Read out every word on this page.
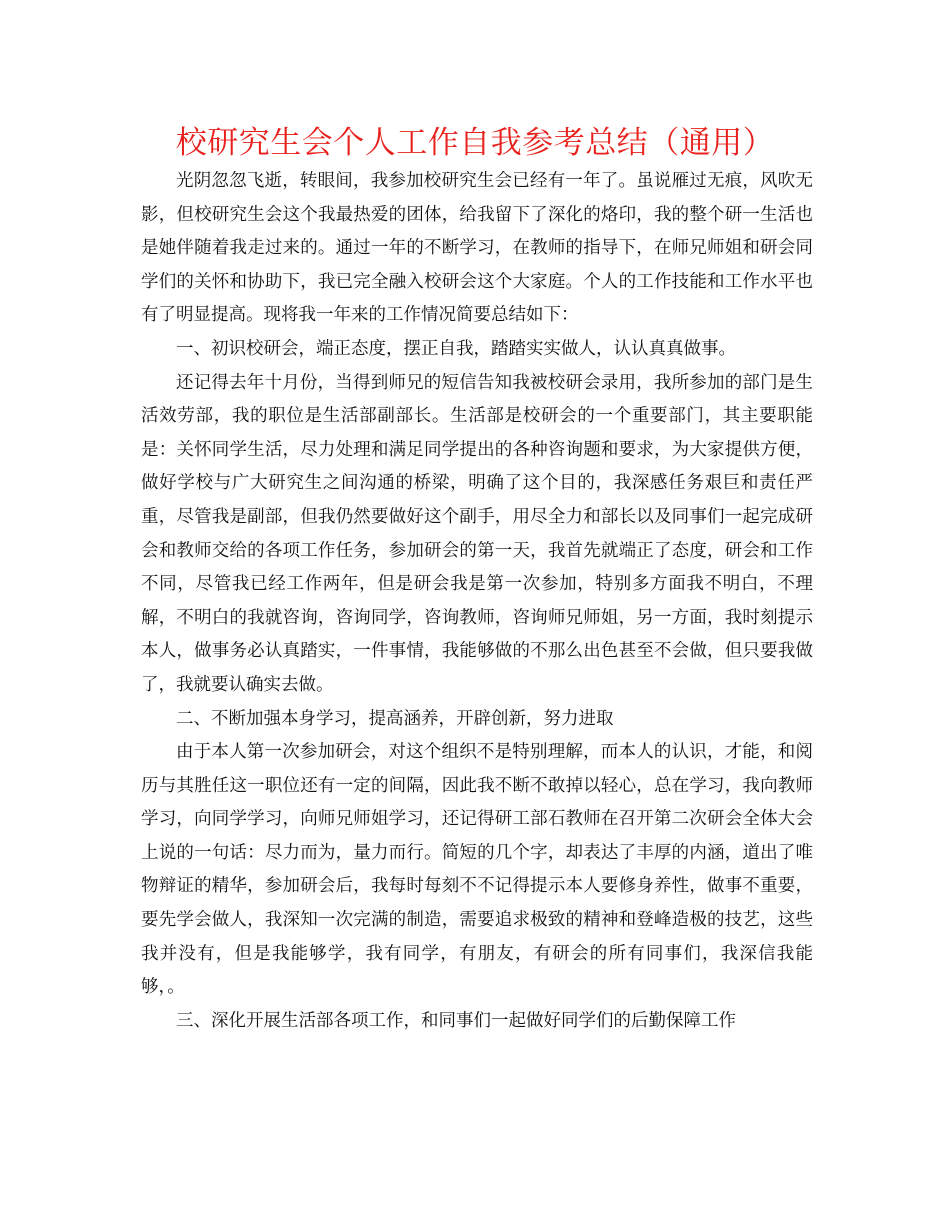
校研究生会个人工作自我参考总结（通用）

光阴忽忽飞逝，转眼间，我参加校研究生会已经有一年了。虽说雁过无痕，风吹无影，但校研究生会这个我最热爱的团体，给我留下了深化的烙印，我的整个研一生活也是她伴随着我走过来的。通过一年的不断学习，在教师的指导下，在师兄师姐和研会同学们的关怀和协助下，我已完全融入校研会这个大家庭。个人的工作技能和工作水平也有了明显提高。现将我一年来的工作情况简要总结如下：

一、初识校研会，端正态度，摆正自我，踏踏实实做人，认认真真做事。

还记得去年十月份，当得到师兄的短信告知我被校研会录用，我所参加的部门是生活效劳部，我的职位是生活部副部长。生活部是校研会的一个重要部门，其主要职能是：关怀同学生活，尽力处理和满足同学提出的各种咨询题和要求，为大家提供方便，做好学校与广大研究生之间沟通的桥梁，明确了这个目的，我深感任务艰巨和责任严重，尽管我是副部，但我仍然要做好这个副手，用尽全力和部长以及同事们一起完成研会和教师交给的各项工作任务，参加研会的第一天，我首先就端正了态度，研会和工作不同，尽管我已经工作两年，但是研会我是第一次参加，特别多方面我不明白，不理解，不明白的我就咨询，咨询同学，咨询教师，咨询师兄师姐，另一方面，我时刻提示本人，做事务必认真踏实，一件事情，我能够做的不那么出色甚至不会做，但只要我做了，我就要认确实去做。

二、不断加强本身学习，提高涵养，开辟创新，努力进取

由于本人第一次参加研会，对这个组织不是特别理解，而本人的认识，才能，和阅历与其胜任这一职位还有一定的间隔，因此我不断不敢掉以轻心，总在学习，我向教师学习，向同学学习，向师兄师姐学习，还记得研工部石教师在召开第二次研会全体大会上说的一句话：尽力而为，量力而行。简短的几个字，却表达了丰厚的内涵，道出了唯物辩证的精华，参加研会后，我每时每刻不不记得提示本人要修身养性，做事不重要，要先学会做人，我深知一次完满的制造，需要追求极致的精神和登峰造极的技艺，这些我并没有，但是我能够学，我有同学，有朋友，有研会的所有同事们，我深信我能够，。

三、深化开展生活部各项工作，和同事们一起做好同学们的后勤保障工作
